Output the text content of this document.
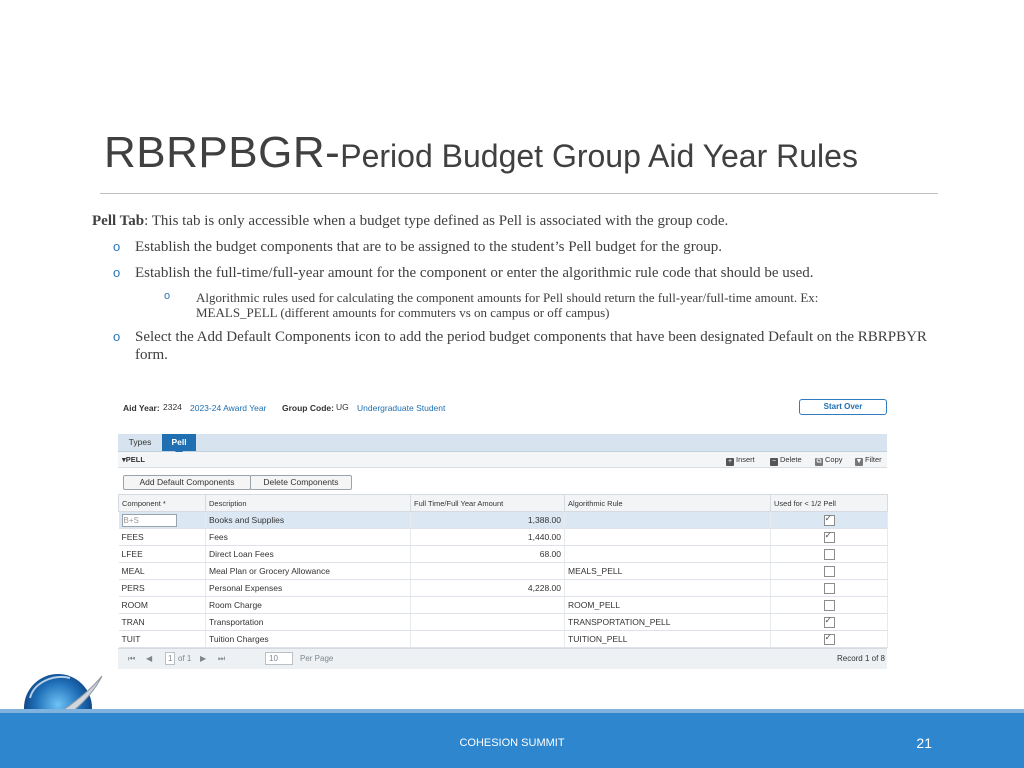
RBRPBGR-Period Budget Group Aid Year Rules
Pell Tab: This tab is only accessible when a budget type defined as Pell is associated with the group code.
o Establish the budget components that are to be assigned to the student’s Pell budget for the group.
o Establish the full-time/full-year amount for the component or enter the algorithmic rule code that should be used.
o Algorithmic rules used for calculating the component amounts for Pell should return the full-year/full-time amount. Ex: MEALS_PELL (different amounts for commuters vs on campus or off campus)
o Select the Add Default Components icon to add the period budget components that have been designated Default on the RBRPBYR form.
Aid Year: 2324 2023-24 Award Year Group Code: UG Undergraduate Student	Start Over
Types	Pell
▾PELL	+ Insert − Delete ⧉ Copy ▼ Filter
Add Default Components	Delete Components
Component *	Description	Full Time/Full Year Amount	Algorithmic Rule	Used for < 1/2 Pell
B+S	Books and Supplies	1,388.00		✓
FEES	Fees	1,440.00		✓
LFEE	Direct Loan Fees	68.00		
MEAL	Meal Plan or Grocery Allowance		MEALS_PELL	
PERS	Personal Expenses	4,228.00		
ROOM	Room Charge		ROOM_PELL	
TRAN	Transportation		TRANSPORTATION_PELL	✓
TUIT	Tuition Charges		TUITION_PELL	✓
⏮ ◀	1 of 1 ▶ ⏭	10	Per Page	Record 1 of 8
COHESION SUMMIT	21
